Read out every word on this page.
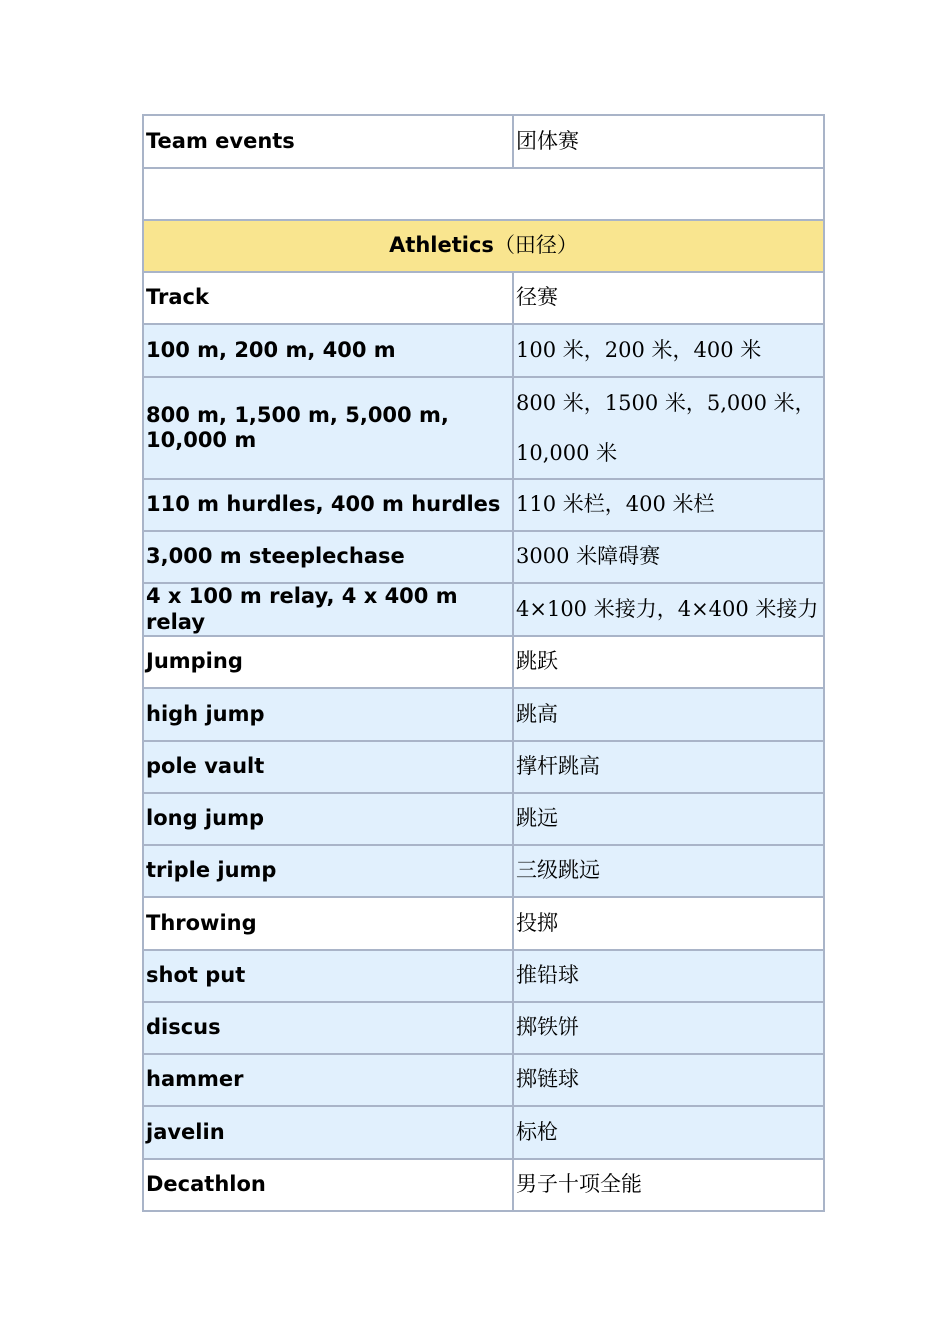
Team events	团体赛

Athletics（田径）	
Track	径赛
100 m, 200 m, 400 m	100 米，200 米，400 米
800 m, 1,500 m, 5,000 m, 10,000 m	800 米，1500 米，5,000 米，10,000 米
110 m hurdles, 400 m hurdles	110 米栏，400 米栏
3,000 m steeplechase	3000 米障碍赛
4 x 100 m relay, 4 x 400 m relay	4×100 米接力，4×400 米接力
Jumping	跳跃
high jump	跳高
pole vault	撑杆跳高
long jump	跳远
triple jump	三级跳远
Throwing	投掷
shot put	推铅球
discus	掷铁饼
hammer	掷链球
javelin	标枪
Decathlon	男子十项全能
